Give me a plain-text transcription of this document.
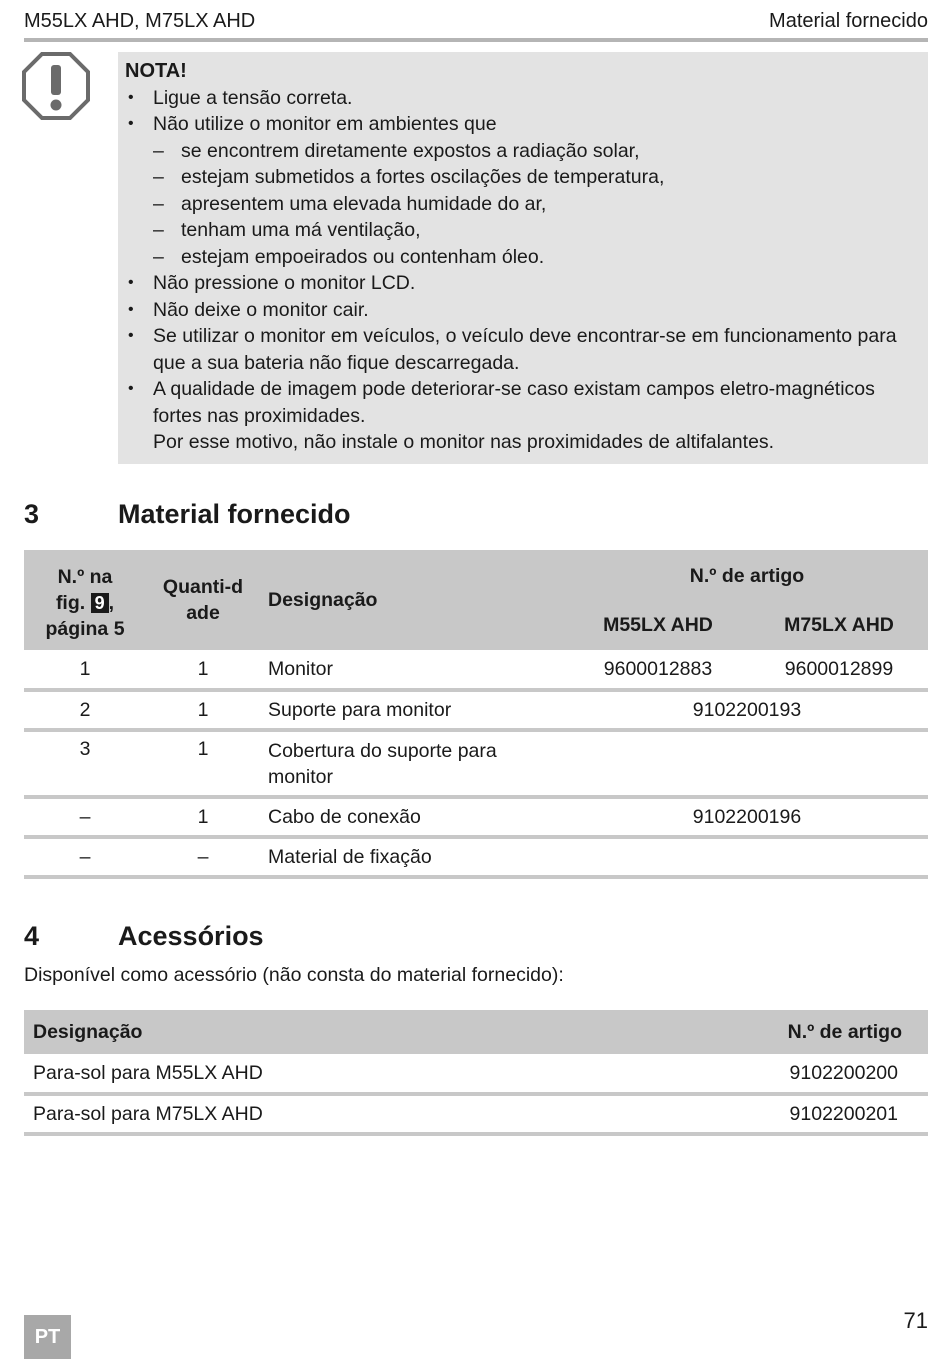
M55LX AHD, M75LX AHD	Material fornecido
NOTA!
• Ligue a tensão correta.
• Não utilize o monitor em ambientes que
– se encontrem diretamente expostos a radiação solar,
– estejam submetidos a fortes oscilações de temperatura,
– apresentem uma elevada humidade do ar,
– tenham uma má ventilação,
– estejam empoeirados ou contenham óleo.
• Não pressione o monitor LCD.
• Não deixe o monitor cair.
• Se utilizar o monitor em veículos, o veículo deve encontrar-se em funcionamento para que a sua bateria não fique descarregada.
• A qualidade de imagem pode deteriorar-se caso existam campos eletro-magnéticos fortes nas proximidades.
Por esse motivo, não instale o monitor nas proximidades de altifalantes.
3	Material fornecido
N.º na
fig. 9 ,
página 5	Quanti-dade	Designação	N.º de artigo	
			M55LX AHD	M75LX AHD
1	1	Monitor	9600012883	9600012899
2	1	Suporte para monitor	9102200193	
3	1	Cobertura do suporte para monitor		

–	1	Cabo de conexão	9102200196	
–	–	Material de fixação		
4	Acessórios
Disponível como acessório (não consta do material fornecido):
Designação	N.º de artigo
Para-sol para M55LX AHD	9102200200
Para-sol para M75LX AHD	9102200201
PT
71
